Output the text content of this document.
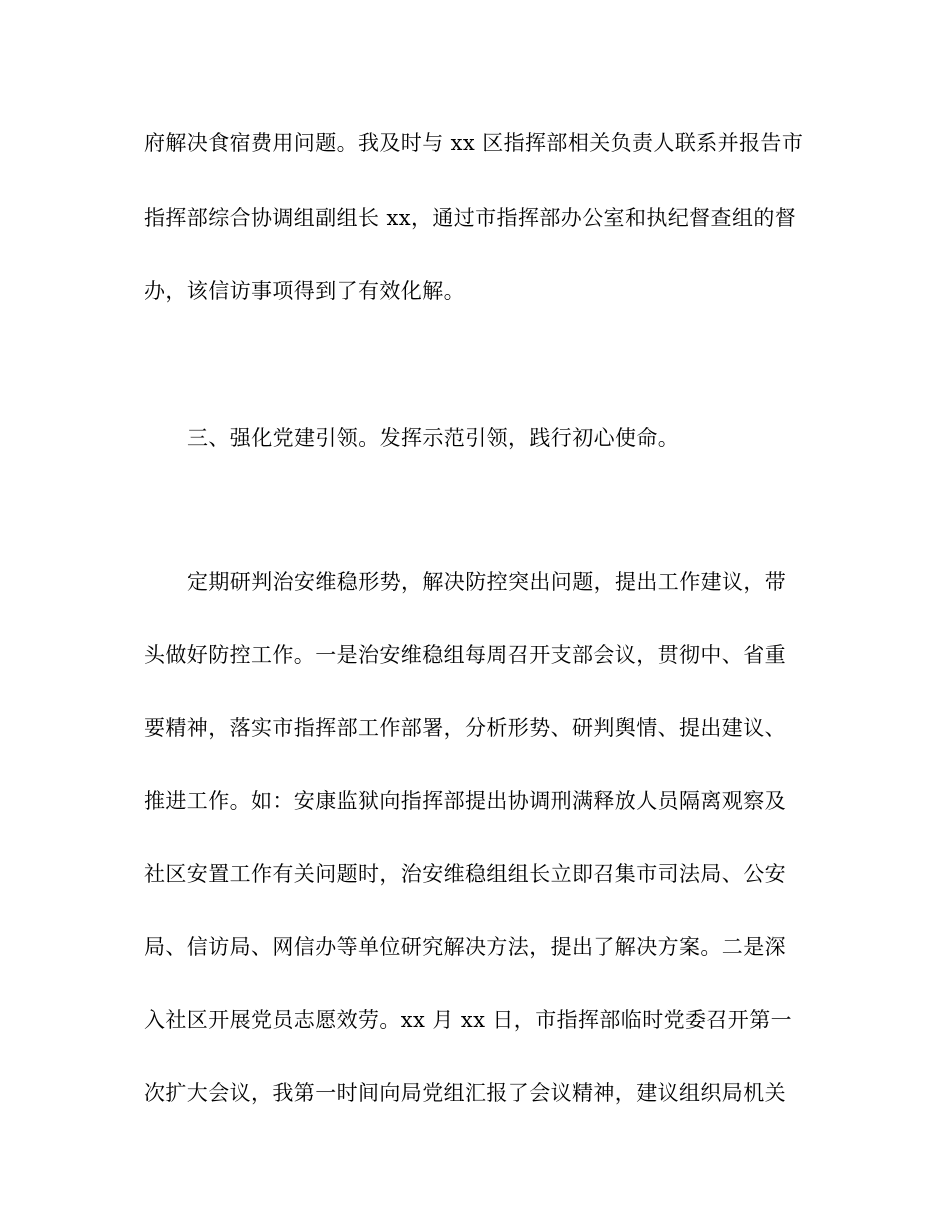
府解决食宿费用问题。我及时与 xx 区指挥部相关负责人联系并报告市
指挥部综合协调组副组长 xx，通过市指挥部办公室和执纪督查组的督
办，该信访事项得到了有效化解。
三、强化党建引领。发挥示范引领，践行初心使命。
定期研判治安维稳形势，解决防控突出问题，提出工作建议，带
头做好防控工作。一是治安维稳组每周召开支部会议，贯彻中、省重
要精神，落实市指挥部工作部署，分析形势、研判舆情、提出建议、
推进工作。如：安康监狱向指挥部提出协调刑满释放人员隔离观察及
社区安置工作有关问题时，治安维稳组组长立即召集市司法局、公安
局、信访局、网信办等单位研究解决方法，提出了解决方案。二是深
入社区开展党员志愿效劳。xx 月 xx 日，市指挥部临时党委召开第一
次扩大会议，我第一时间向局党组汇报了会议精神，建议组织局机关
